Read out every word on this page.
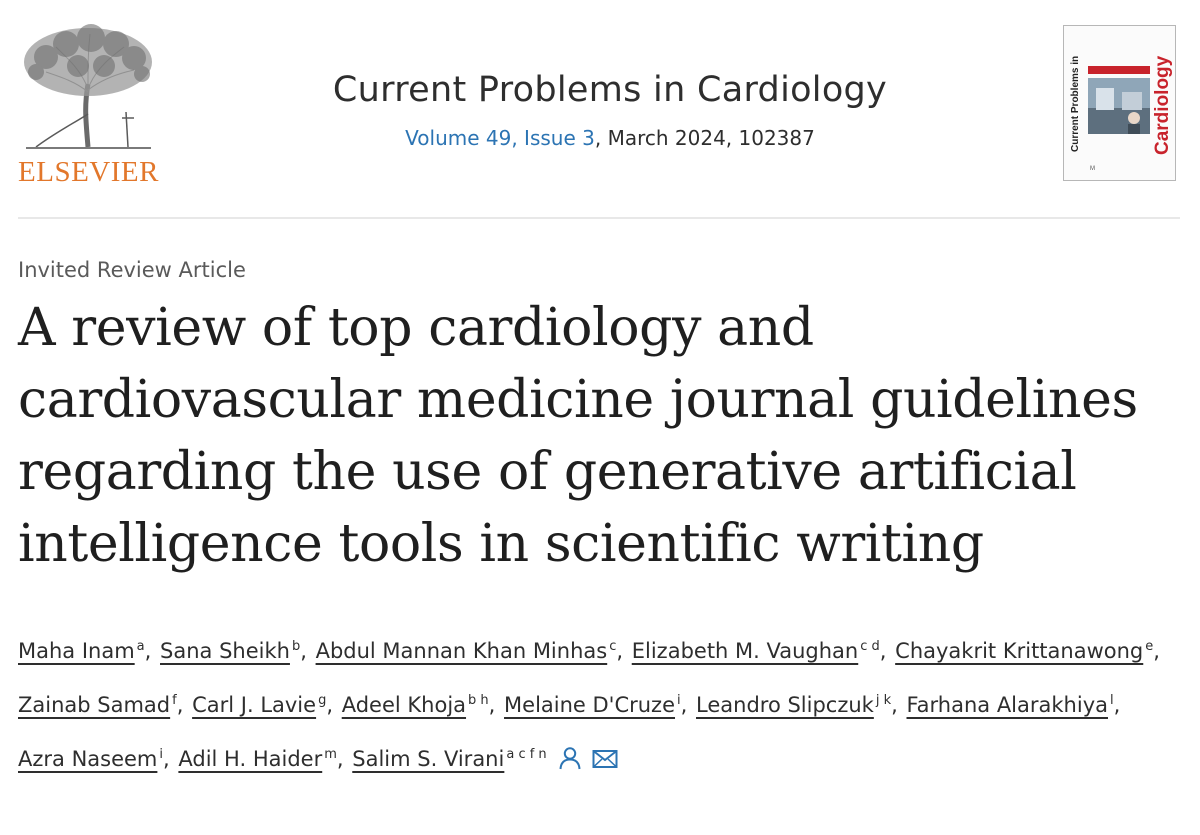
ELSEVIER
Current Problems in Cardiology
Volume 49, Issue 3, March 2024, 102387	Current Problems in	Cardiology
M
Invited Review Article
A review of top cardiology and cardiovascular medicine journal guidelines regarding the use of generative artificial intelligence tools in scientific writing
Maha Inam $^a$, Sana Sheikh $^b$, Abdul Mannan Khan Minhas $^c$, Elizabeth M. Vaughan $^{c d}$, Chayakrit Krittanawong $^e$, Zainab Samad $^f$, Carl J. Lavie $^g$, Adeel Khoja $^{b h}$, Melaine D'Cruze $^i$, Leandro Slipczuk $^{j k}$, Farhana Alarakhiya $^l$, Azra Naseem $^i$, Adil H. Haider $^m$, Salim S. Virani $^{a c f n}$
